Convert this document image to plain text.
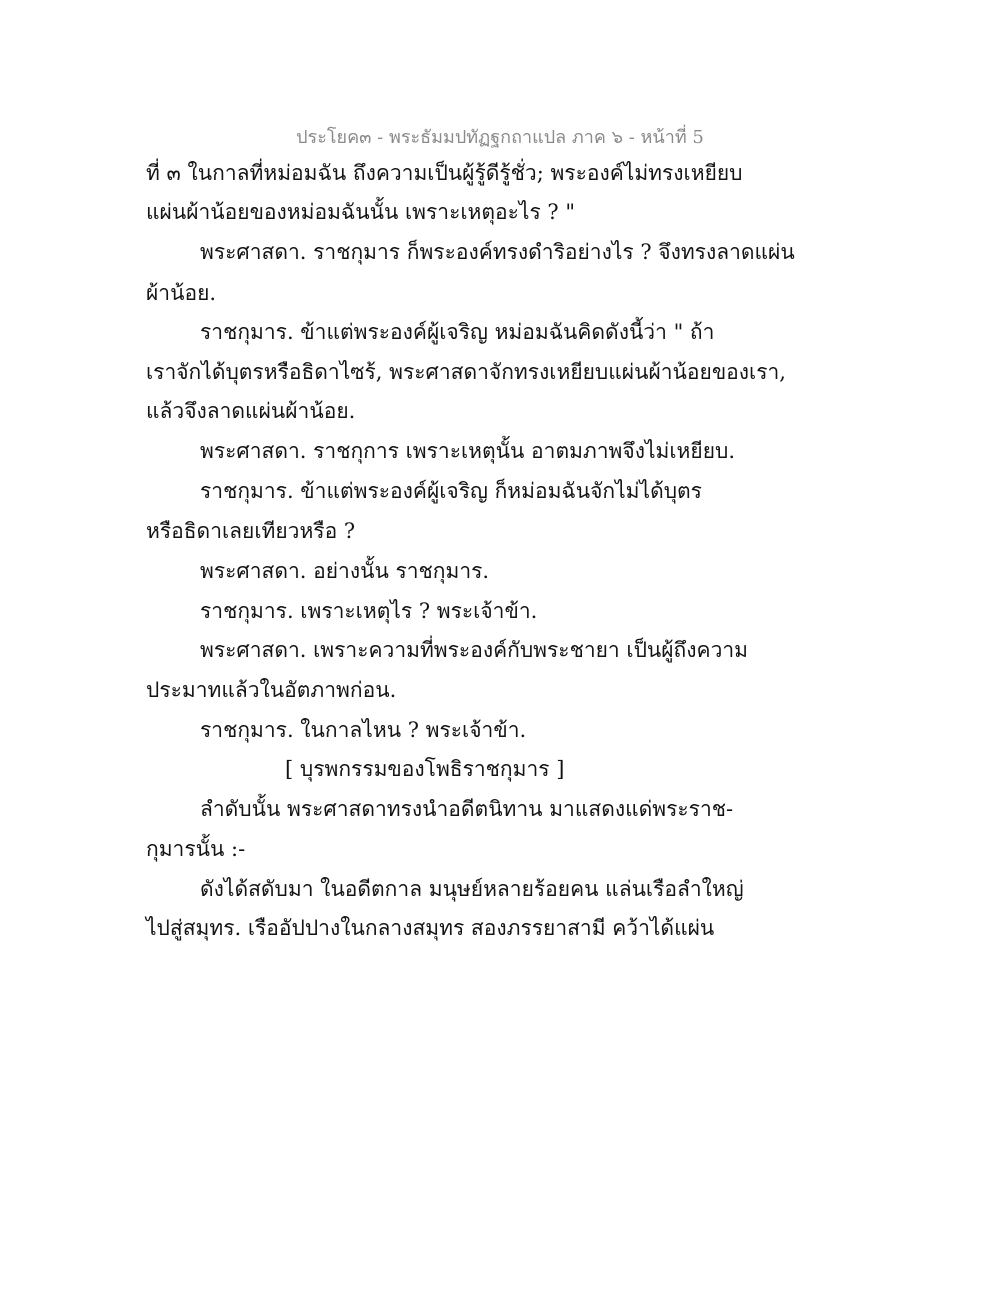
ประโยค๓ - พระธัมมปทัฏฐกถาแปล ภาค ๖ - หน้าที่ 5
ที่ ๓ ในกาลที่หม่อมฉัน ถึงความเป็นผู้รู้ดีรู้ชั่ว; พระองค์ไม่ทรงเหยียบ
แผ่นผ้าน้อยของหม่อมฉันนั้น เพราะเหตุอะไร ? "
พระศาสดา. ราชกุมาร ก็พระองค์ทรงดำริอย่างไร ? จึงทรงลาดแผ่น
ผ้าน้อย.
ราชกุมาร. ข้าแต่พระองค์ผู้เจริญ หม่อมฉันคิดดังนี้ว่า " ถ้า
เราจักได้บุตรหรือธิดาไซร้, พระศาสดาจักทรงเหยียบแผ่นผ้าน้อยของเรา,
แล้วจึงลาดแผ่นผ้าน้อย.
พระศาสดา. ราชกุการ เพราะเหตุนั้น อาตมภาพจึงไม่เหยียบ.
ราชกุมาร. ข้าแต่พระองค์ผู้เจริญ ก็หม่อมฉันจักไม่ได้บุตร
หรือธิดาเลยเทียวหรือ ?
พระศาสดา. อย่างนั้น ราชกุมาร.
ราชกุมาร. เพราะเหตุไร ? พระเจ้าข้า.
พระศาสดา. เพราะความที่พระองค์กับพระชายา เป็นผู้ถึงความ
ประมาทแล้วในอัตภาพก่อน.
ราชกุมาร. ในกาลไหน ? พระเจ้าข้า.
[ บุรพกรรมของโพธิราชกุมาร ]
ลำดับนั้น พระศาสดาทรงนำอดีตนิทาน มาแสดงแด่พระราช-
กุมารนั้น :-
ดังได้สดับมา ในอดีตกาล มนุษย์หลายร้อยคน แล่นเรือลำใหญ่
ไปสู่สมุทร. เรืออัปปางในกลางสมุทร สองภรรยาสามี คว้าได้แผ่น
